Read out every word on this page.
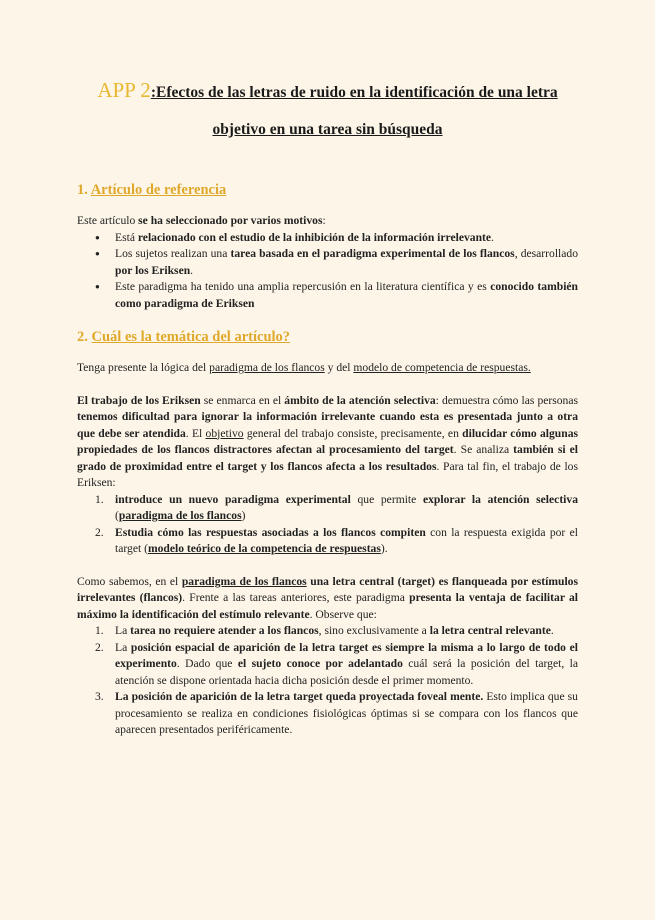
APP 2:Efectos de las letras de ruido en la identificación de una letra objetivo en una tarea sin búsqueda
1. Artículo de referencia

Este artículo se ha seleccionado por varios motivos:

● Está relacionado con el estudio de la inhibición de la información irrelevante.
● Los sujetos realizan una tarea basada en el paradigma experimental de los flancos, desarrollado por los Eriksen.
● Este paradigma ha tenido una amplia repercusión en la literatura científica y es conocido también como paradigma de Eriksen
2. Cuál es la temática del artículo?

Tenga presente la lógica del paradigma de los flancos y del modelo de competencia de respuestas.

El trabajo de los Eriksen se enmarca en el ámbito de la atención selectiva: demuestra cómo las personas tenemos dificultad para ignorar la información irrelevante cuando esta es presentada junto a otra que debe ser atendida. El objetivo general del trabajo consiste, precisamente, en dilucidar cómo algunas propiedades de los flancos distractores afectan al procesamiento del target. Se analiza también si el grado de proximidad entre el target y los flancos afecta a los resultados. Para tal fin, el trabajo de los Eriksen:

1. introduce un nuevo paradigma experimental que permite explorar la atención selectiva (paradigma de los flancos)
2. Estudia cómo las respuestas asociadas a los flancos compiten con la respuesta exigida por el target (modelo teórico de la competencia de respuestas).

Como sabemos, en el paradigma de los flancos una letra central (target) es flanqueada por estímulos irrelevantes (flancos). Frente a las tareas anteriores, este paradigma presenta la ventaja de facilitar al máximo la identificación del estímulo relevante. Observe que:

1. La tarea no requiere atender a los flancos, sino exclusivamente a la letra central relevante.
2. La posición espacial de aparición de la letra target es siempre la misma a lo largo de todo el experimento. Dado que el sujeto conoce por adelantado cuál será la posición del target, la atención se dispone orientada hacia dicha posición desde el primer momento.
3. La posición de aparición de la letra target queda proyectada foveal mente. Esto implica que su procesamiento se realiza en condiciones fisiológicas óptimas si se compara con los flancos que aparecen presentados periféricamente.
